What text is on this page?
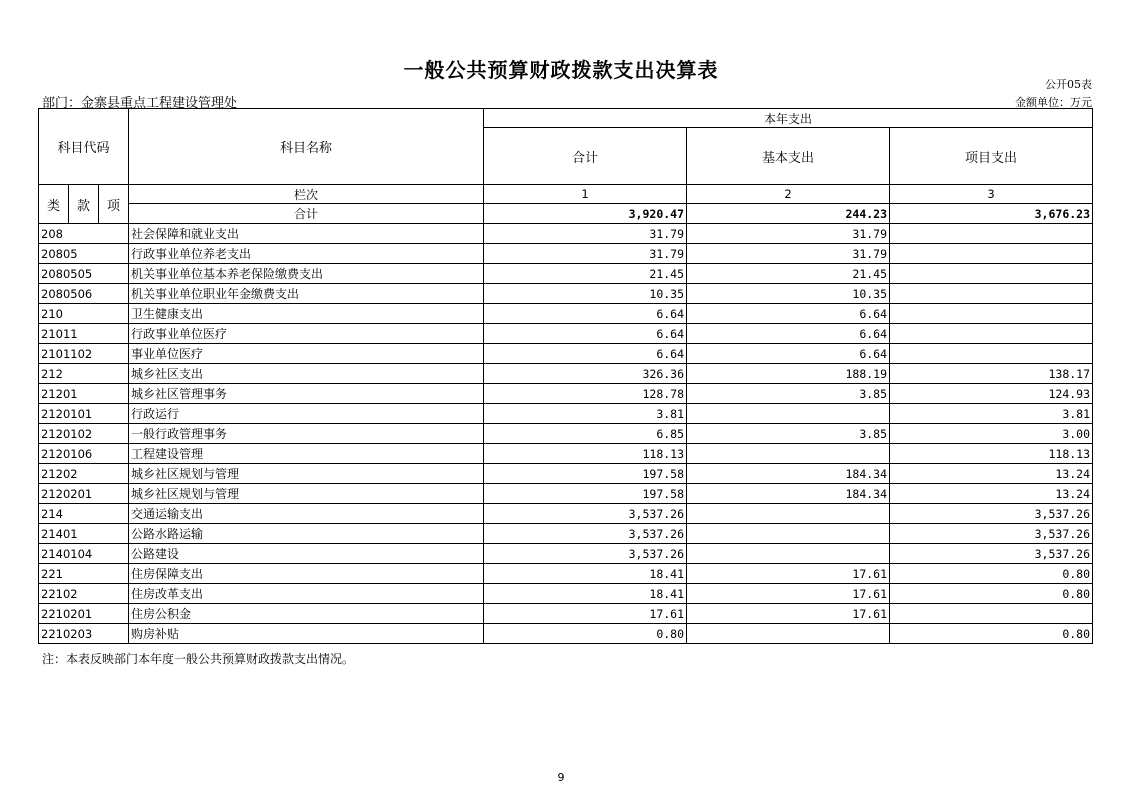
一般公共预算财政拨款支出决算表
公开05表
部门：金寨县重点工程建设管理处	金额单位：万元
科目代码			科目名称	本年支出		
				合计	基本支出	项目支出
类	款	项	栏次	1	2	3
			合计	3,920.47	244.23	3,676.23
208			社会保障和就业支出	31.79	31.79	
20805			行政事业单位养老支出	31.79	31.79	
2080505			机关事业单位基本养老保险缴费支出	21.45	21.45	
2080506			机关事业单位职业年金缴费支出	10.35	10.35	
210			卫生健康支出	6.64	6.64	
21011			行政事业单位医疗	6.64	6.64	
2101102			事业单位医疗	6.64	6.64	
212			城乡社区支出	326.36	188.19	138.17
21201			城乡社区管理事务	128.78	3.85	124.93
2120101			行政运行	3.81		3.81
2120102			一般行政管理事务	6.85	3.85	3.00
2120106			工程建设管理	118.13		118.13
21202			城乡社区规划与管理	197.58	184.34	13.24
2120201			城乡社区规划与管理	197.58	184.34	13.24
214			交通运输支出	3,537.26		3,537.26
21401			公路水路运输	3,537.26		3,537.26
2140104			公路建设	3,537.26		3,537.26
221			住房保障支出	18.41	17.61	0.80
22102			住房改革支出	18.41	17.61	0.80
2210201			住房公积金	17.61	17.61	
2210203			购房补贴	0.80		0.80
注：本表反映部门本年度一般公共预算财政拨款支出情况。
9
